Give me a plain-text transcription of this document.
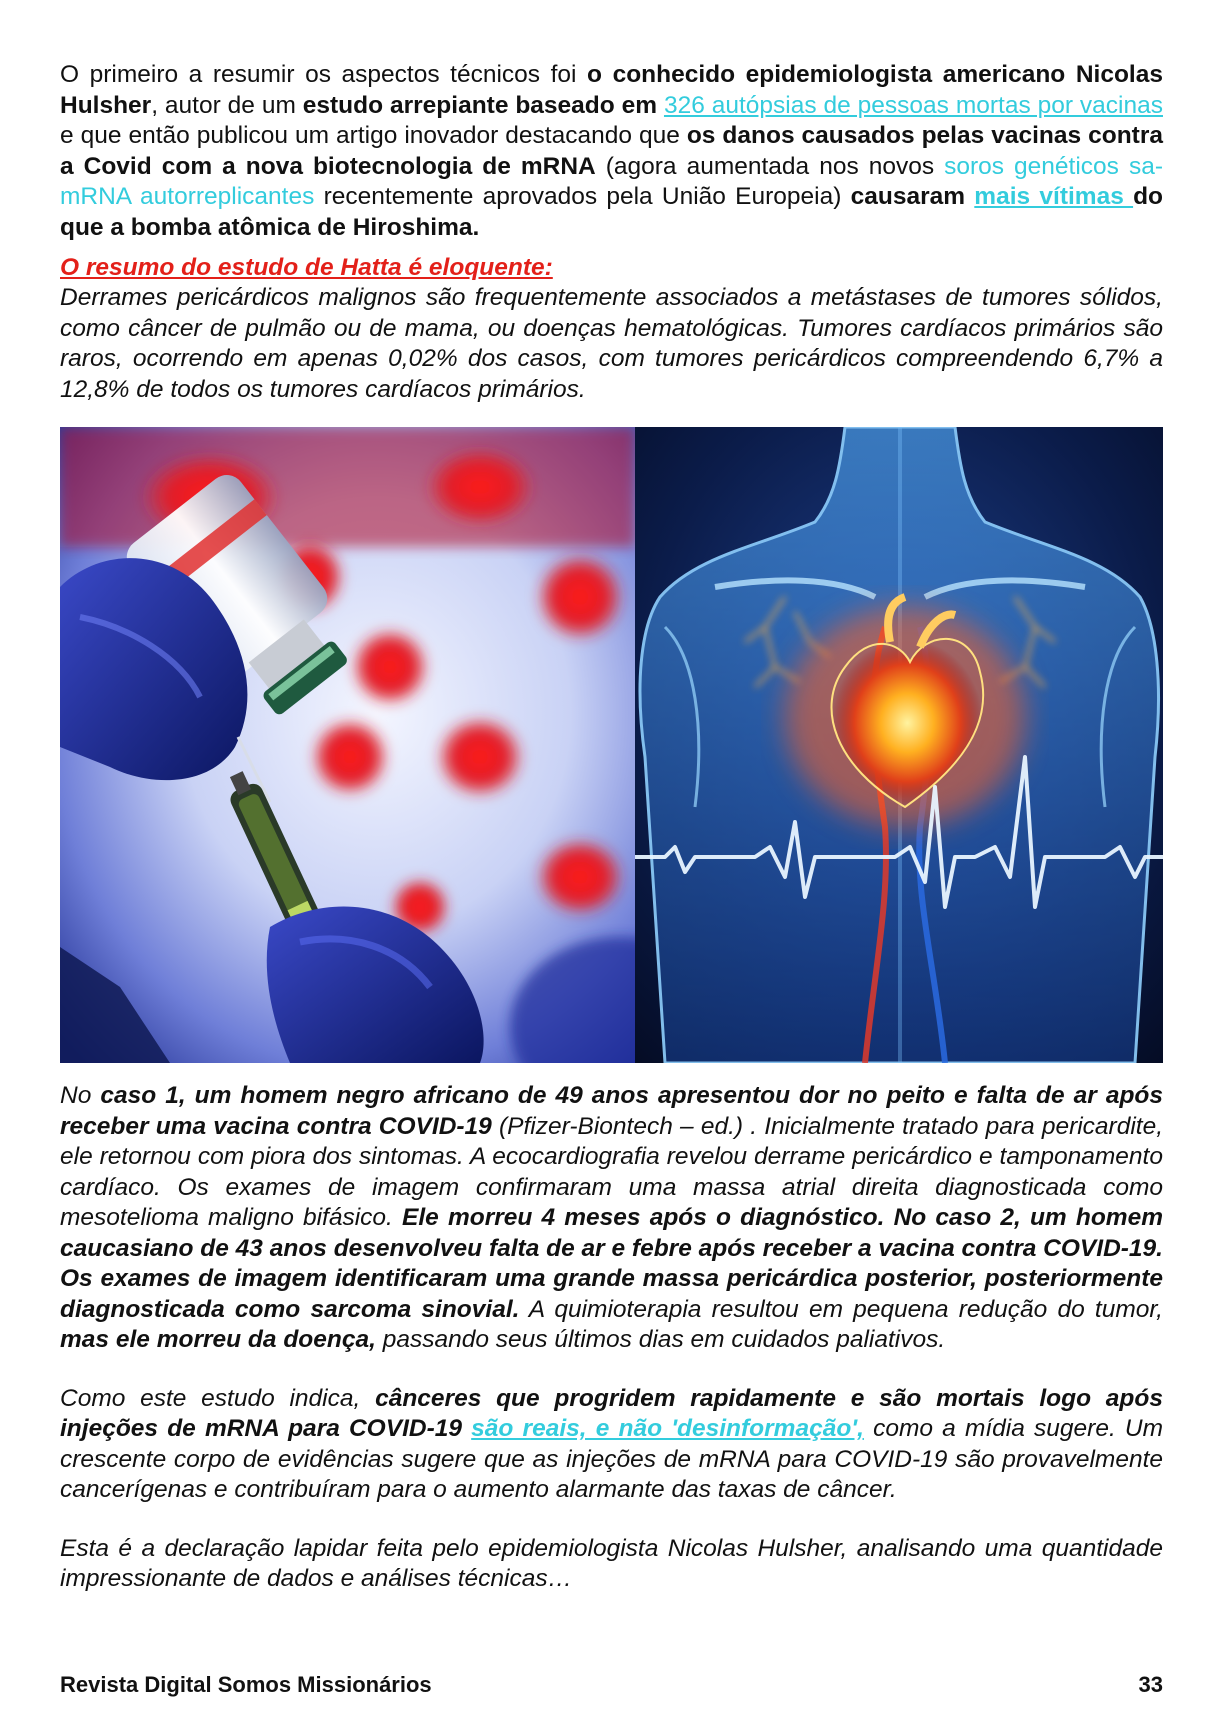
O primeiro a resumir os aspectos técnicos foi o conhecido epidemiologista americano Nicolas Hulsher, autor de um estudo arrepiante baseado em 326 autópsias de pessoas mortas por vacinas e que então publicou um artigo inovador destacando que os danos causados pelas vacinas contra a Covid com a nova biotecnologia de mRNA (agora aumentada nos novos soros genéticos sa-mRNA autorreplicantes recentemente aprovados pela União Europeia) causaram mais vítimas do que a bomba atômica de Hiroshima.

O resumo do estudo de Hatta é eloquente:

Derrames pericárdicos malignos são frequentemente associados a metástases de tumores sólidos, como câncer de pulmão ou de mama, ou doenças hematológicas. Tumores cardíacos primários são raros, ocorrendo em apenas 0,02% dos casos, com tumores pericárdicos compreendendo 6,7% a 12,8% de todos os tumores cardíacos primários.

No caso 1, um homem negro africano de 49 anos apresentou dor no peito e falta de ar após receber uma vacina contra COVID-19 (Pfizer-Biontech – ed.) . Inicialmente tratado para pericardite, ele retornou com piora dos sintomas. A ecocardiografia revelou derrame pericárdico e tamponamento cardíaco. Os exames de imagem confirmaram uma massa atrial direita diagnosticada como mesotelioma maligno bifásico. Ele morreu 4 meses após o diagnóstico. No caso 2, um homem caucasiano de 43 anos desenvolveu falta de ar e febre após receber a vacina contra COVID-19. Os exames de imagem identificaram uma grande massa pericárdica posterior, posteriormente diagnosticada como sarcoma sinovial. A quimioterapia resultou em pequena redução do tumor, mas ele morreu da doença, passando seus últimos dias em cuidados paliativos.

Como este estudo indica, cânceres que progridem rapidamente e são mortais logo após injeções de mRNA para COVID-19 são reais, e não 'desinformação', como a mídia sugere. Um crescente corpo de evidências sugere que as injeções de mRNA para COVID-19 são provavelmente cancerígenas e contribuíram para o aumento alarmante das taxas de câncer.

Esta é a declaração lapidar feita pelo epidemiologista Nicolas Hulsher, analisando uma quantidade impressionante de dados e análises técnicas…

Revista Digital Somos Missionários	33
